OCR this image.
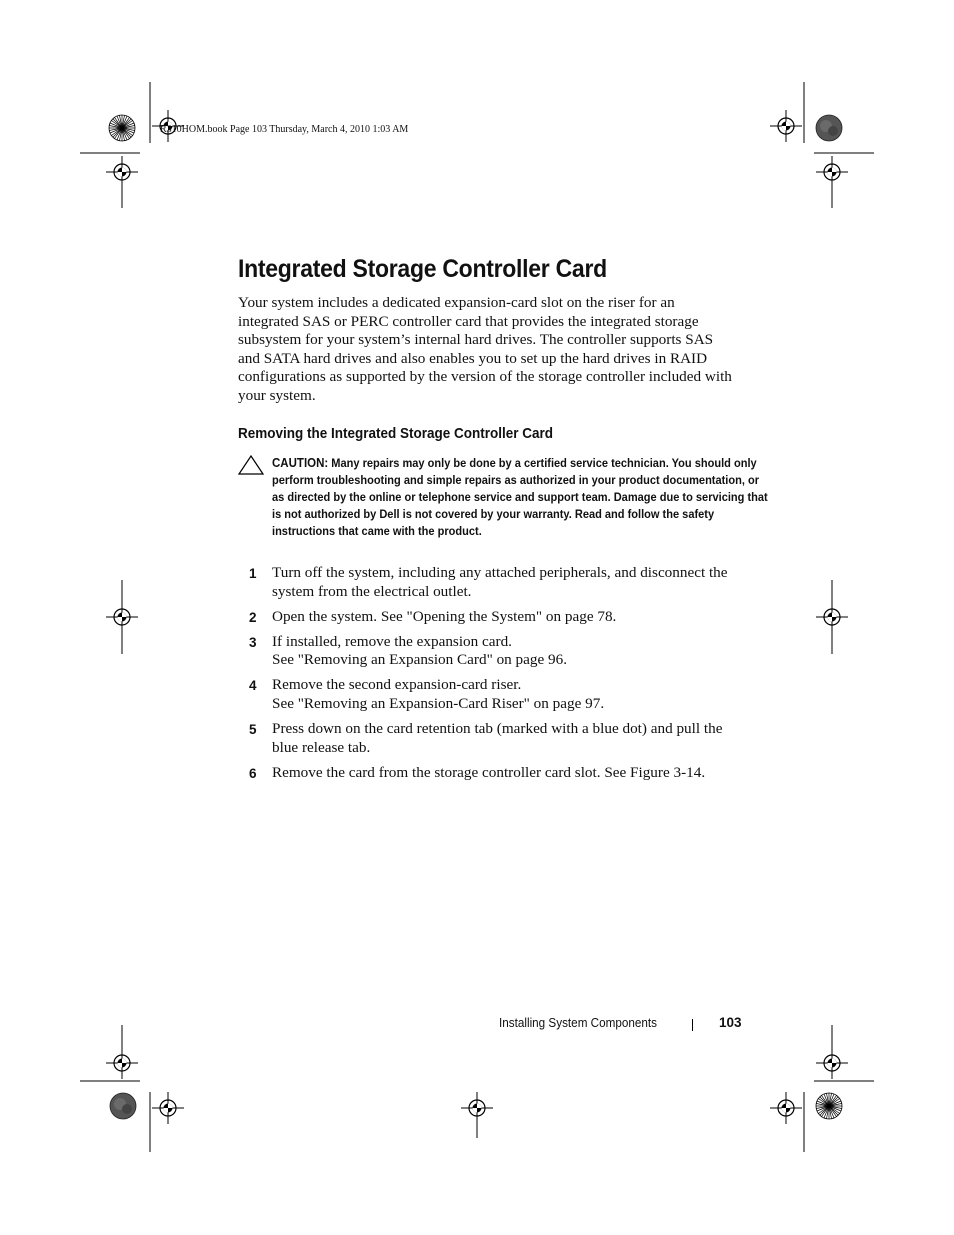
R310HOM.book Page 103 Thursday, March 4, 2010 1:03 AM
Integrated Storage Controller Card

Your system includes a dedicated expansion-card slot on the riser for an integrated SAS or PERC controller card that provides the integrated storage subsystem for your system’s internal hard drives. The controller supports SAS and SATA hard drives and also enables you to set up the hard drives in RAID configurations as supported by the version of the storage controller included with your system.

Removing the Integrated Storage Controller Card
CAUTION: Many repairs may only be done by a certified service technician. You should only perform troubleshooting and simple repairs as authorized in your product documentation, or as directed by the online or telephone service and support team. Damage due to servicing that is not authorized by Dell is not covered by your warranty. Read and follow the safety instructions that came with the product.
1 Turn off the system, including any attached peripherals, and disconnect the system from the electrical outlet.
2 Open the system. See "Opening the System" on page 78.
3 If installed, remove the expansion card.
See "Removing an Expansion Card" on page 96.
4 Remove the second expansion-card riser.
See "Removing an Expansion-Card Riser" on page 97.
5 Press down on the card retention tab (marked with a blue dot) and pull the blue release tab.
6 Remove the card from the storage controller card slot. See Figure 3-14.
Installing System Components	103
